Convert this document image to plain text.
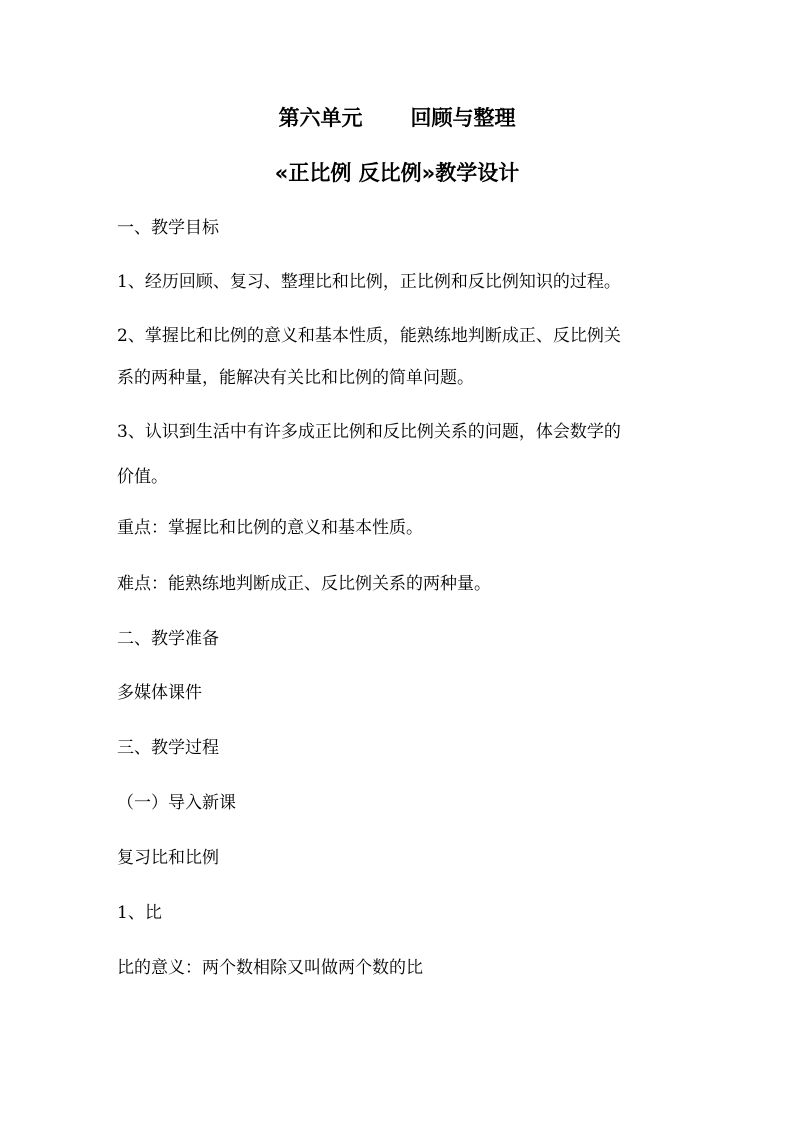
第六单元 回顾与整理
«正比例 反比例»教学设计
一、教学目标
1、经历回顾、复习、整理比和比例，正比例和反比例知识的过程。
2、掌握比和比例的意义和基本性质，能熟练地判断成正、反比例关
系的两种量，能解决有关比和比例的简单问题。
3、认识到生活中有许多成正比例和反比例关系的问题，体会数学的
价值。
重点：掌握比和比例的意义和基本性质。
难点：能熟练地判断成正、反比例关系的两种量。
二、教学准备
多媒体课件
三、教学过程
（一）导入新课
复习比和比例
1、比
比的意义：两个数相除又叫做两个数的比
